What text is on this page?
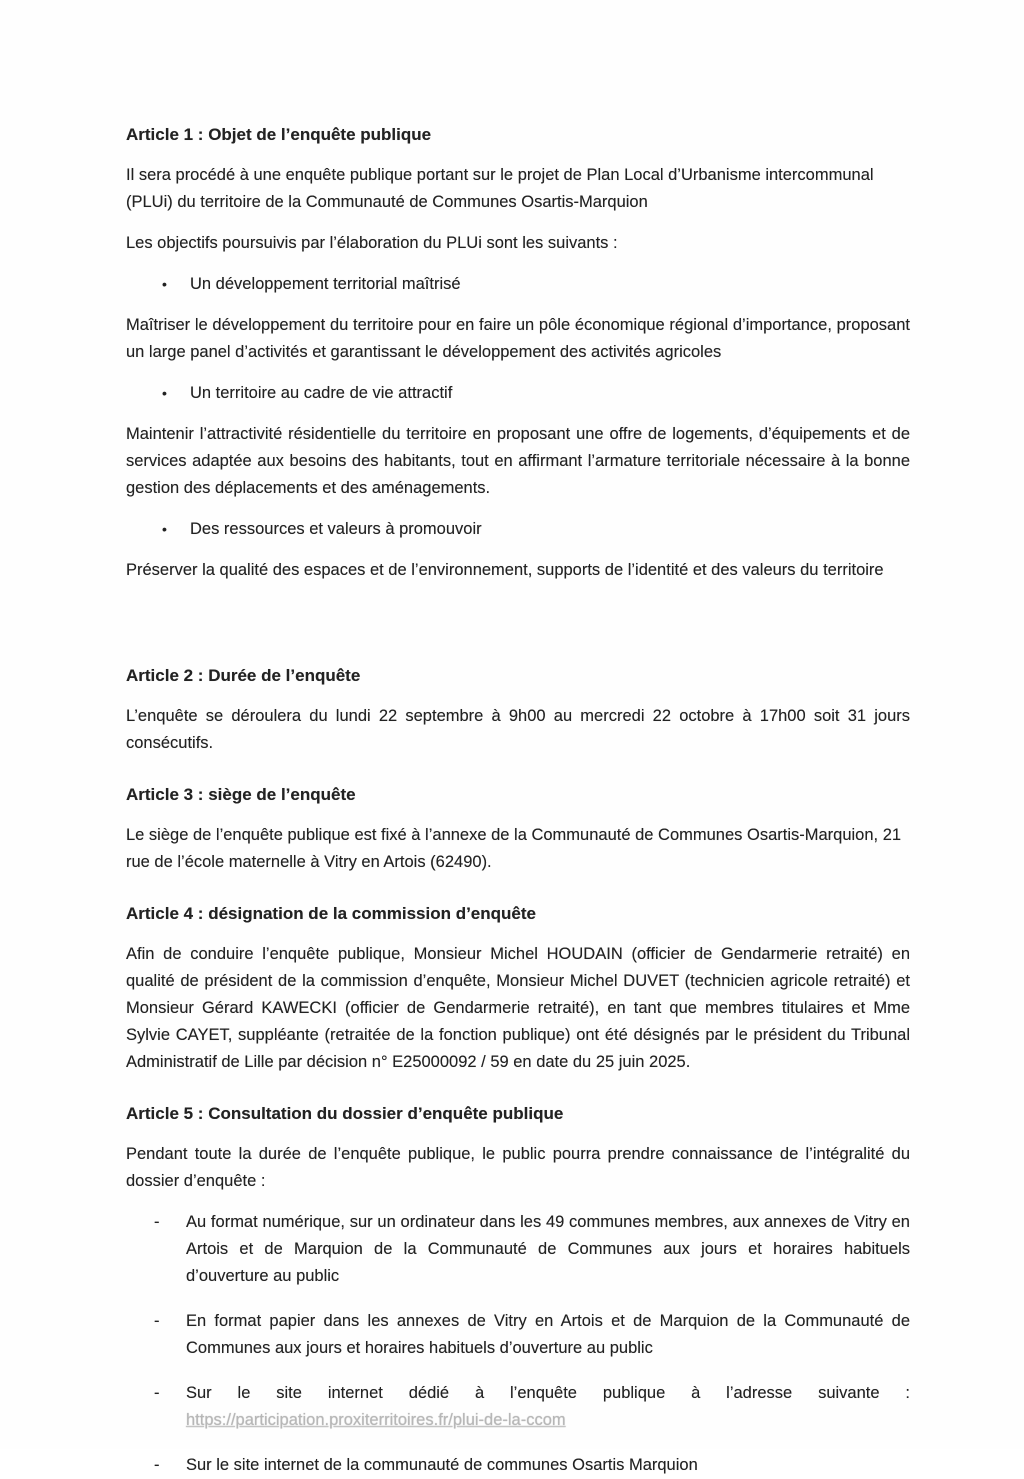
Article 1 : Objet de l’enquête publique

Il sera procédé à une enquête publique portant sur le projet de Plan Local d’Urbanisme intercommunal (PLUi) du territoire de la Communauté de Communes Osartis-Marquion

Les objectifs poursuivis par l’élaboration du PLUi sont les suivants :

•	Un développement territorial maîtrisé

Maîtriser le développement du territoire pour en faire un pôle économique régional d’importance, proposant un large panel d’activités et garantissant le développement des activités agricoles

•	Un territoire au cadre de vie attractif

Maintenir l’attractivité résidentielle du territoire en proposant une offre de logements, d’équipements et de services adaptée aux besoins des habitants, tout en affirmant l’armature territoriale nécessaire à la bonne gestion des déplacements et des aménagements.

•	Des ressources et valeurs à promouvoir

Préserver la qualité des espaces et de l’environnement, supports de l’identité et des valeurs du territoire

Article 2 : Durée de l’enquête

L’enquête se déroulera du lundi 22 septembre à 9h00 au mercredi 22 octobre à 17h00 soit 31 jours consécutifs.

Article 3 : siège de l’enquête

Le siège de l’enquête publique est fixé à l’annexe de la Communauté de Communes Osartis-Marquion, 21 rue de l’école maternelle à Vitry en Artois (62490).

Article 4 : désignation de la commission d’enquête

Afin de conduire l’enquête publique, Monsieur Michel HOUDAIN (officier de Gendarmerie retraité) en qualité de président de la commission d’enquête, Monsieur Michel DUVET (technicien agricole retraité) et Monsieur Gérard KAWECKI (officier de Gendarmerie retraité), en tant que membres titulaires et Mme Sylvie CAYET, suppléante (retraitée de la fonction publique) ont été désignés par le président du Tribunal Administratif de Lille par décision n° E25000092 / 59 en date du 25 juin 2025.

Article 5 : Consultation du dossier d’enquête publique

Pendant toute la durée de l’enquête publique, le public pourra prendre connaissance de l’intégralité du dossier d’enquête :

-	Au format numérique, sur un ordinateur dans les 49 communes membres, aux annexes de Vitry en Artois et de Marquion de la Communauté de Communes aux jours et horaires habituels d’ouverture au public
-	En format papier dans les annexes de Vitry en Artois et de Marquion de la Communauté de Communes aux jours et horaires habituels d’ouverture au public
-	Sur le site internet dédié à l’enquête publique à l’adresse suivante :
https://participation.proxiterritoires.fr/plui-de-la-ccom
-	Sur le site internet de la communauté de communes Osartis Marquion
